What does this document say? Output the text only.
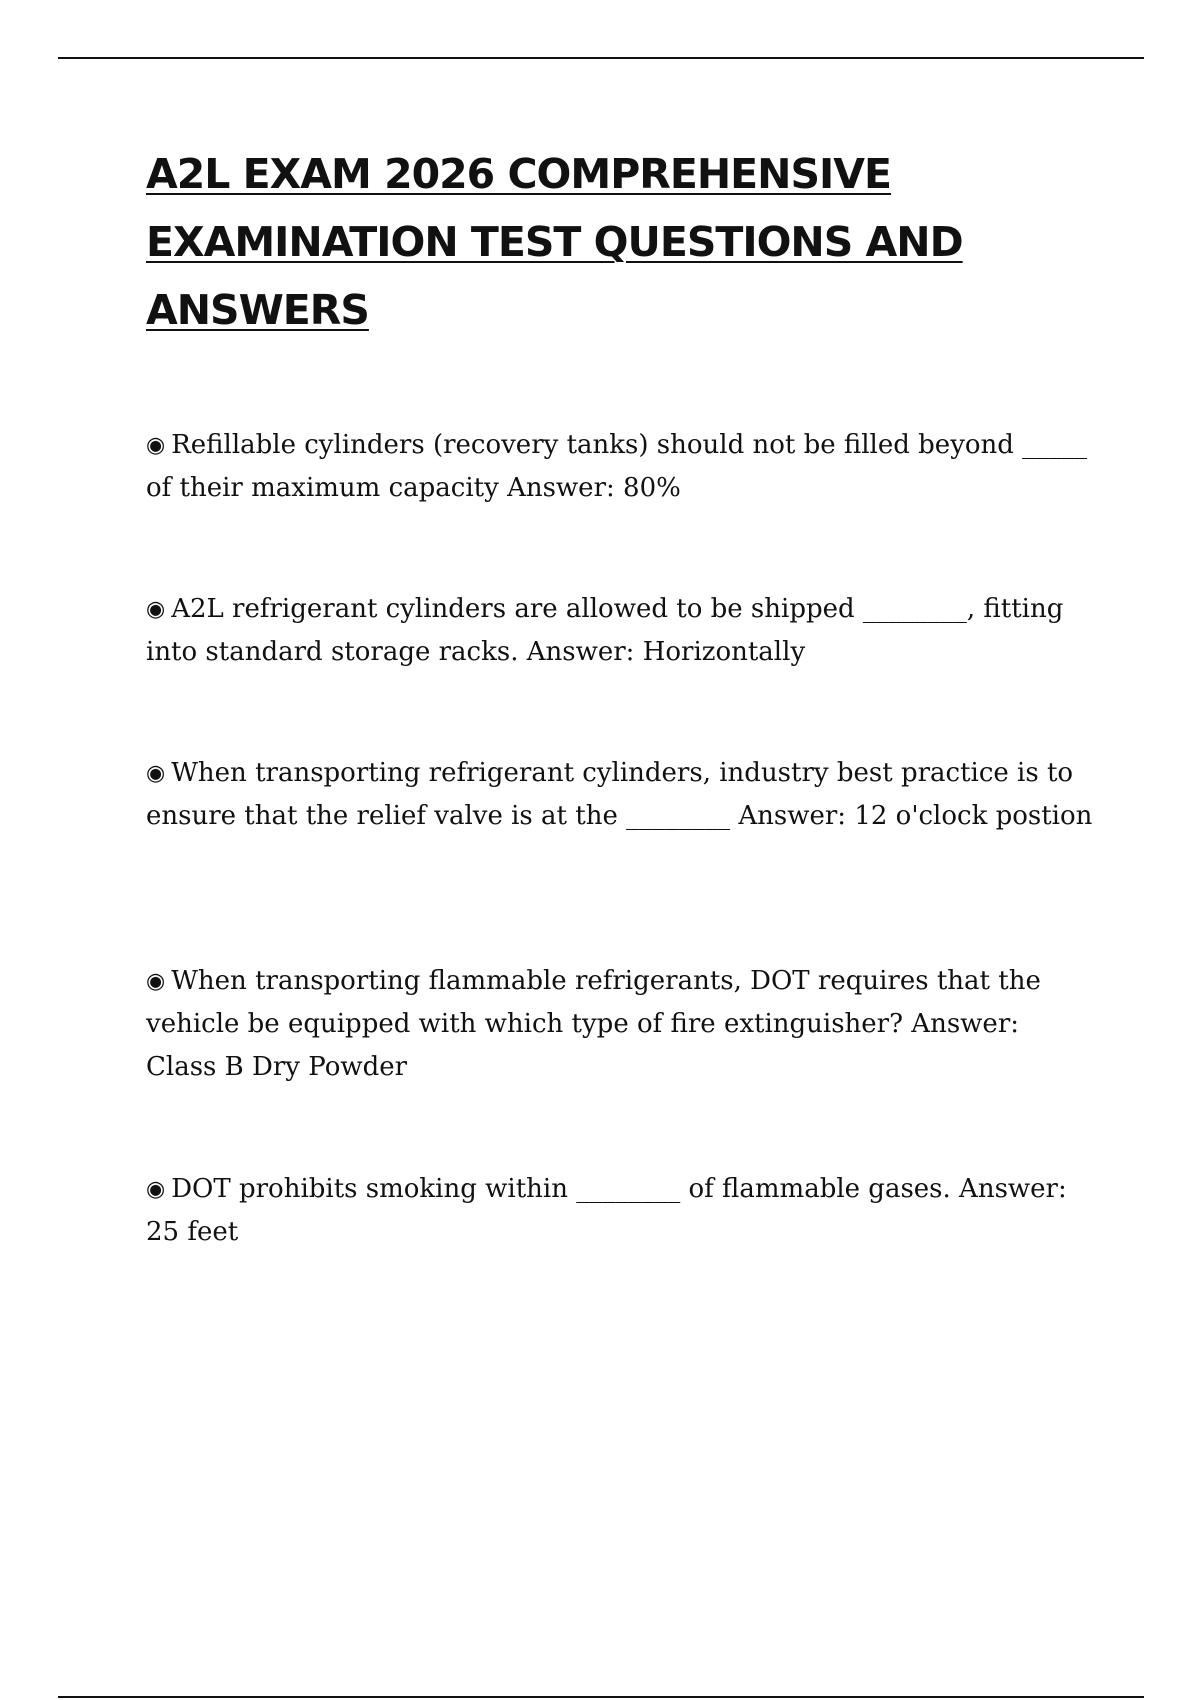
A2L EXAM 2026 COMPREHENSIVE EXAMINATION TEST QUESTIONS AND ANSWERS

◉ Refillable cylinders (recovery tanks) should not be filled beyond _____ of their maximum capacity Answer: 80%

◉ A2L refrigerant cylinders are allowed to be shipped ________, fitting into standard storage racks. Answer: Horizontally

◉ When transporting refrigerant cylinders, industry best practice is to ensure that the relief valve is at the ________ Answer: 12 o'clock postion

◉ When transporting flammable refrigerants, DOT requires that the vehicle be equipped with which type of fire extinguisher? Answer: Class B Dry Powder

◉ DOT prohibits smoking within ________ of flammable gases. Answer: 25 feet
